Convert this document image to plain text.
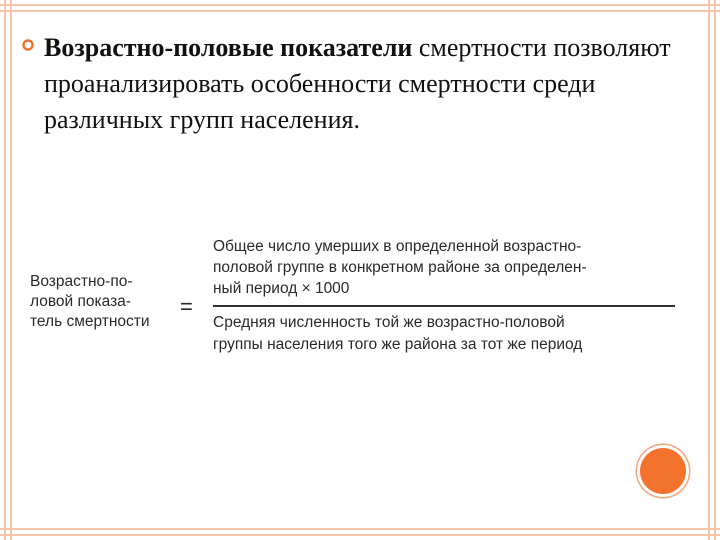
Возрастно-половые показатели смертности позволяют проанализировать особенности смертности среди различных групп населения.
Возрастно-по-
ловой показа-
тель смертности
=
Общее число умерших в определенной возрастно-
половой группе в конкретном районе за определен-
ный период × 1000
Средняя численность той же возрастно-половой
группы населения того же района за тот же период
